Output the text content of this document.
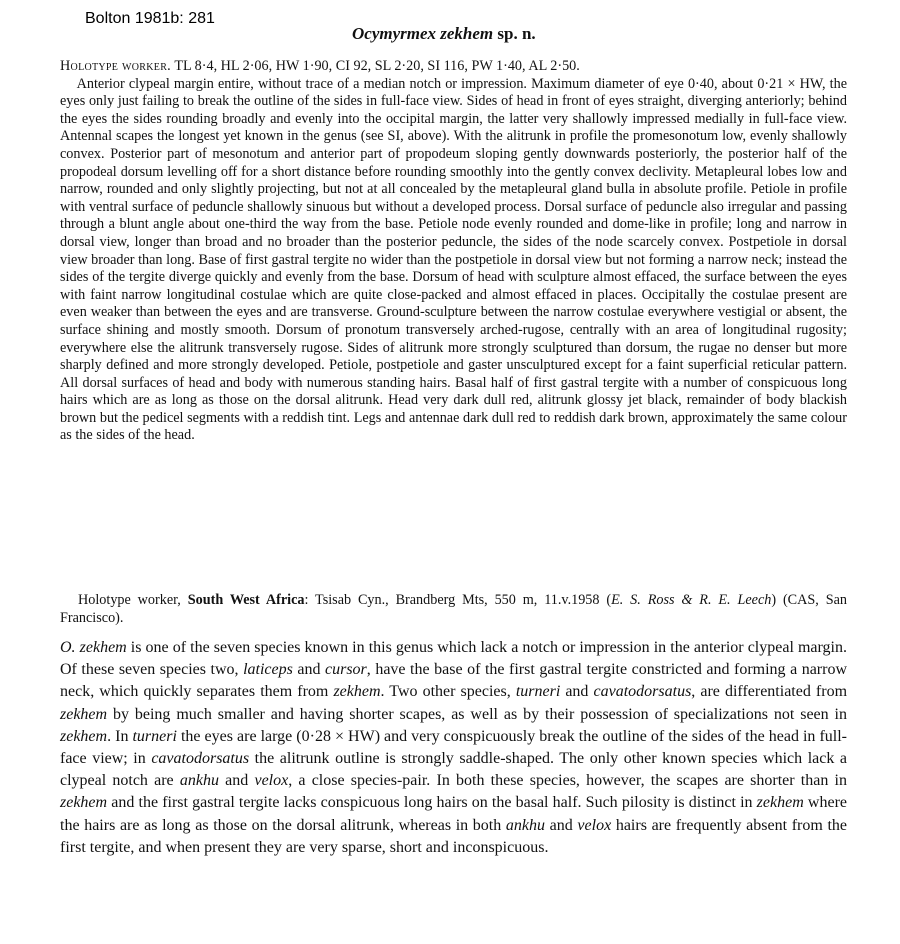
Bolton 1981b: 281
Ocymyrmex zekhem sp. n.

Holotype worker. TL 8·4, HL 2·06, HW 1·90, CI 92, SL 2·20, SI 116, PW 1·40, AL 2·50.
Anterior clypeal margin entire, without trace of a median notch or impression. Maximum diameter of eye 0·40, about 0·21 × HW, the eyes only just failing to break the outline of the sides in full-face view. Sides of head in front of eyes straight, diverging anteriorly; behind the eyes the sides rounding broadly and evenly into the occipital margin, the latter very shallowly impressed medially in full-face view. Antennal scapes the longest yet known in the genus (see SI, above). With the alitrunk in profile the promesonotum low, evenly shallowly convex. Posterior part of mesonotum and anterior part of propodeum sloping gently downwards posteriorly, the posterior half of the propodeal dorsum levelling off for a short distance before rounding smoothly into the gently convex declivity. Metapleural lobes low and narrow, rounded and only slightly projecting, but not at all concealed by the metapleural gland bulla in absolute profile. Petiole in profile with ventral surface of peduncle shallowly sinuous but without a developed process. Dorsal surface of peduncle also irregular and passing through a blunt angle about one-third the way from the base. Petiole node evenly rounded and dome-like in profile; long and narrow in dorsal view, longer than broad and no broader than the posterior peduncle, the sides of the node scarcely convex. Postpetiole in dorsal view broader than long. Base of first gastral tergite no wider than the postpetiole in dorsal view but not forming a narrow neck; instead the sides of the tergite diverge quickly and evenly from the base. Dorsum of head with sculpture almost effaced, the surface between the eyes with faint narrow longitudinal costulae which are quite close-packed and almost effaced in places. Occipitally the costulae present are even weaker than between the eyes and are transverse. Ground-sculpture between the narrow costulae everywhere vestigial or absent, the surface shining and mostly smooth. Dorsum of pronotum transversely arched-rugose, centrally with an area of longitudinal rugosity; everywhere else the alitrunk transversely rugose. Sides of alitrunk more strongly sculptured than dorsum, the rugae no denser but more sharply defined and more strongly developed. Petiole, postpetiole and gaster unsculptured except for a faint superficial reticular pattern. All dorsal surfaces of head and body with numerous standing hairs. Basal half of first gastral tergite with a number of conspicuous long hairs which are as long as those on the dorsal alitrunk. Head very dark dull red, alitrunk glossy jet black, remainder of body blackish brown but the pedicel segments with a reddish tint. Legs and antennae dark dull red to reddish dark brown, approximately the same colour as the sides of the head.

Holotype worker, South West Africa: Tsisab Cyn., Brandberg Mts, 550 m, 11.v.1958 (E. S. Ross & R. E. Leech) (CAS, San Francisco).

O. zekhem is one of the seven species known in this genus which lack a notch or impression in the anterior clypeal margin. Of these seven species two, laticeps and cursor, have the base of the first gastral tergite constricted and forming a narrow neck, which quickly separates them from zekhem. Two other species, turneri and cavatodorsatus, are differentiated from zekhem by being much smaller and having shorter scapes, as well as by their possession of specializations not seen in zekhem. In turneri the eyes are large (0·28 × HW) and very conspicuously break the outline of the sides of the head in full-face view; in cavatodorsatus the alitrunk outline is strongly saddle-shaped. The only other known species which lack a clypeal notch are ankhu and velox, a close species-pair. In both these species, however, the scapes are shorter than in zekhem and the first gastral tergite lacks conspicuous long hairs on the basal half. Such pilosity is distinct in zekhem where the hairs are as long as those on the dorsal alitrunk, whereas in both ankhu and velox hairs are frequently absent from the first tergite, and when present they are very sparse, short and inconspicuous.
